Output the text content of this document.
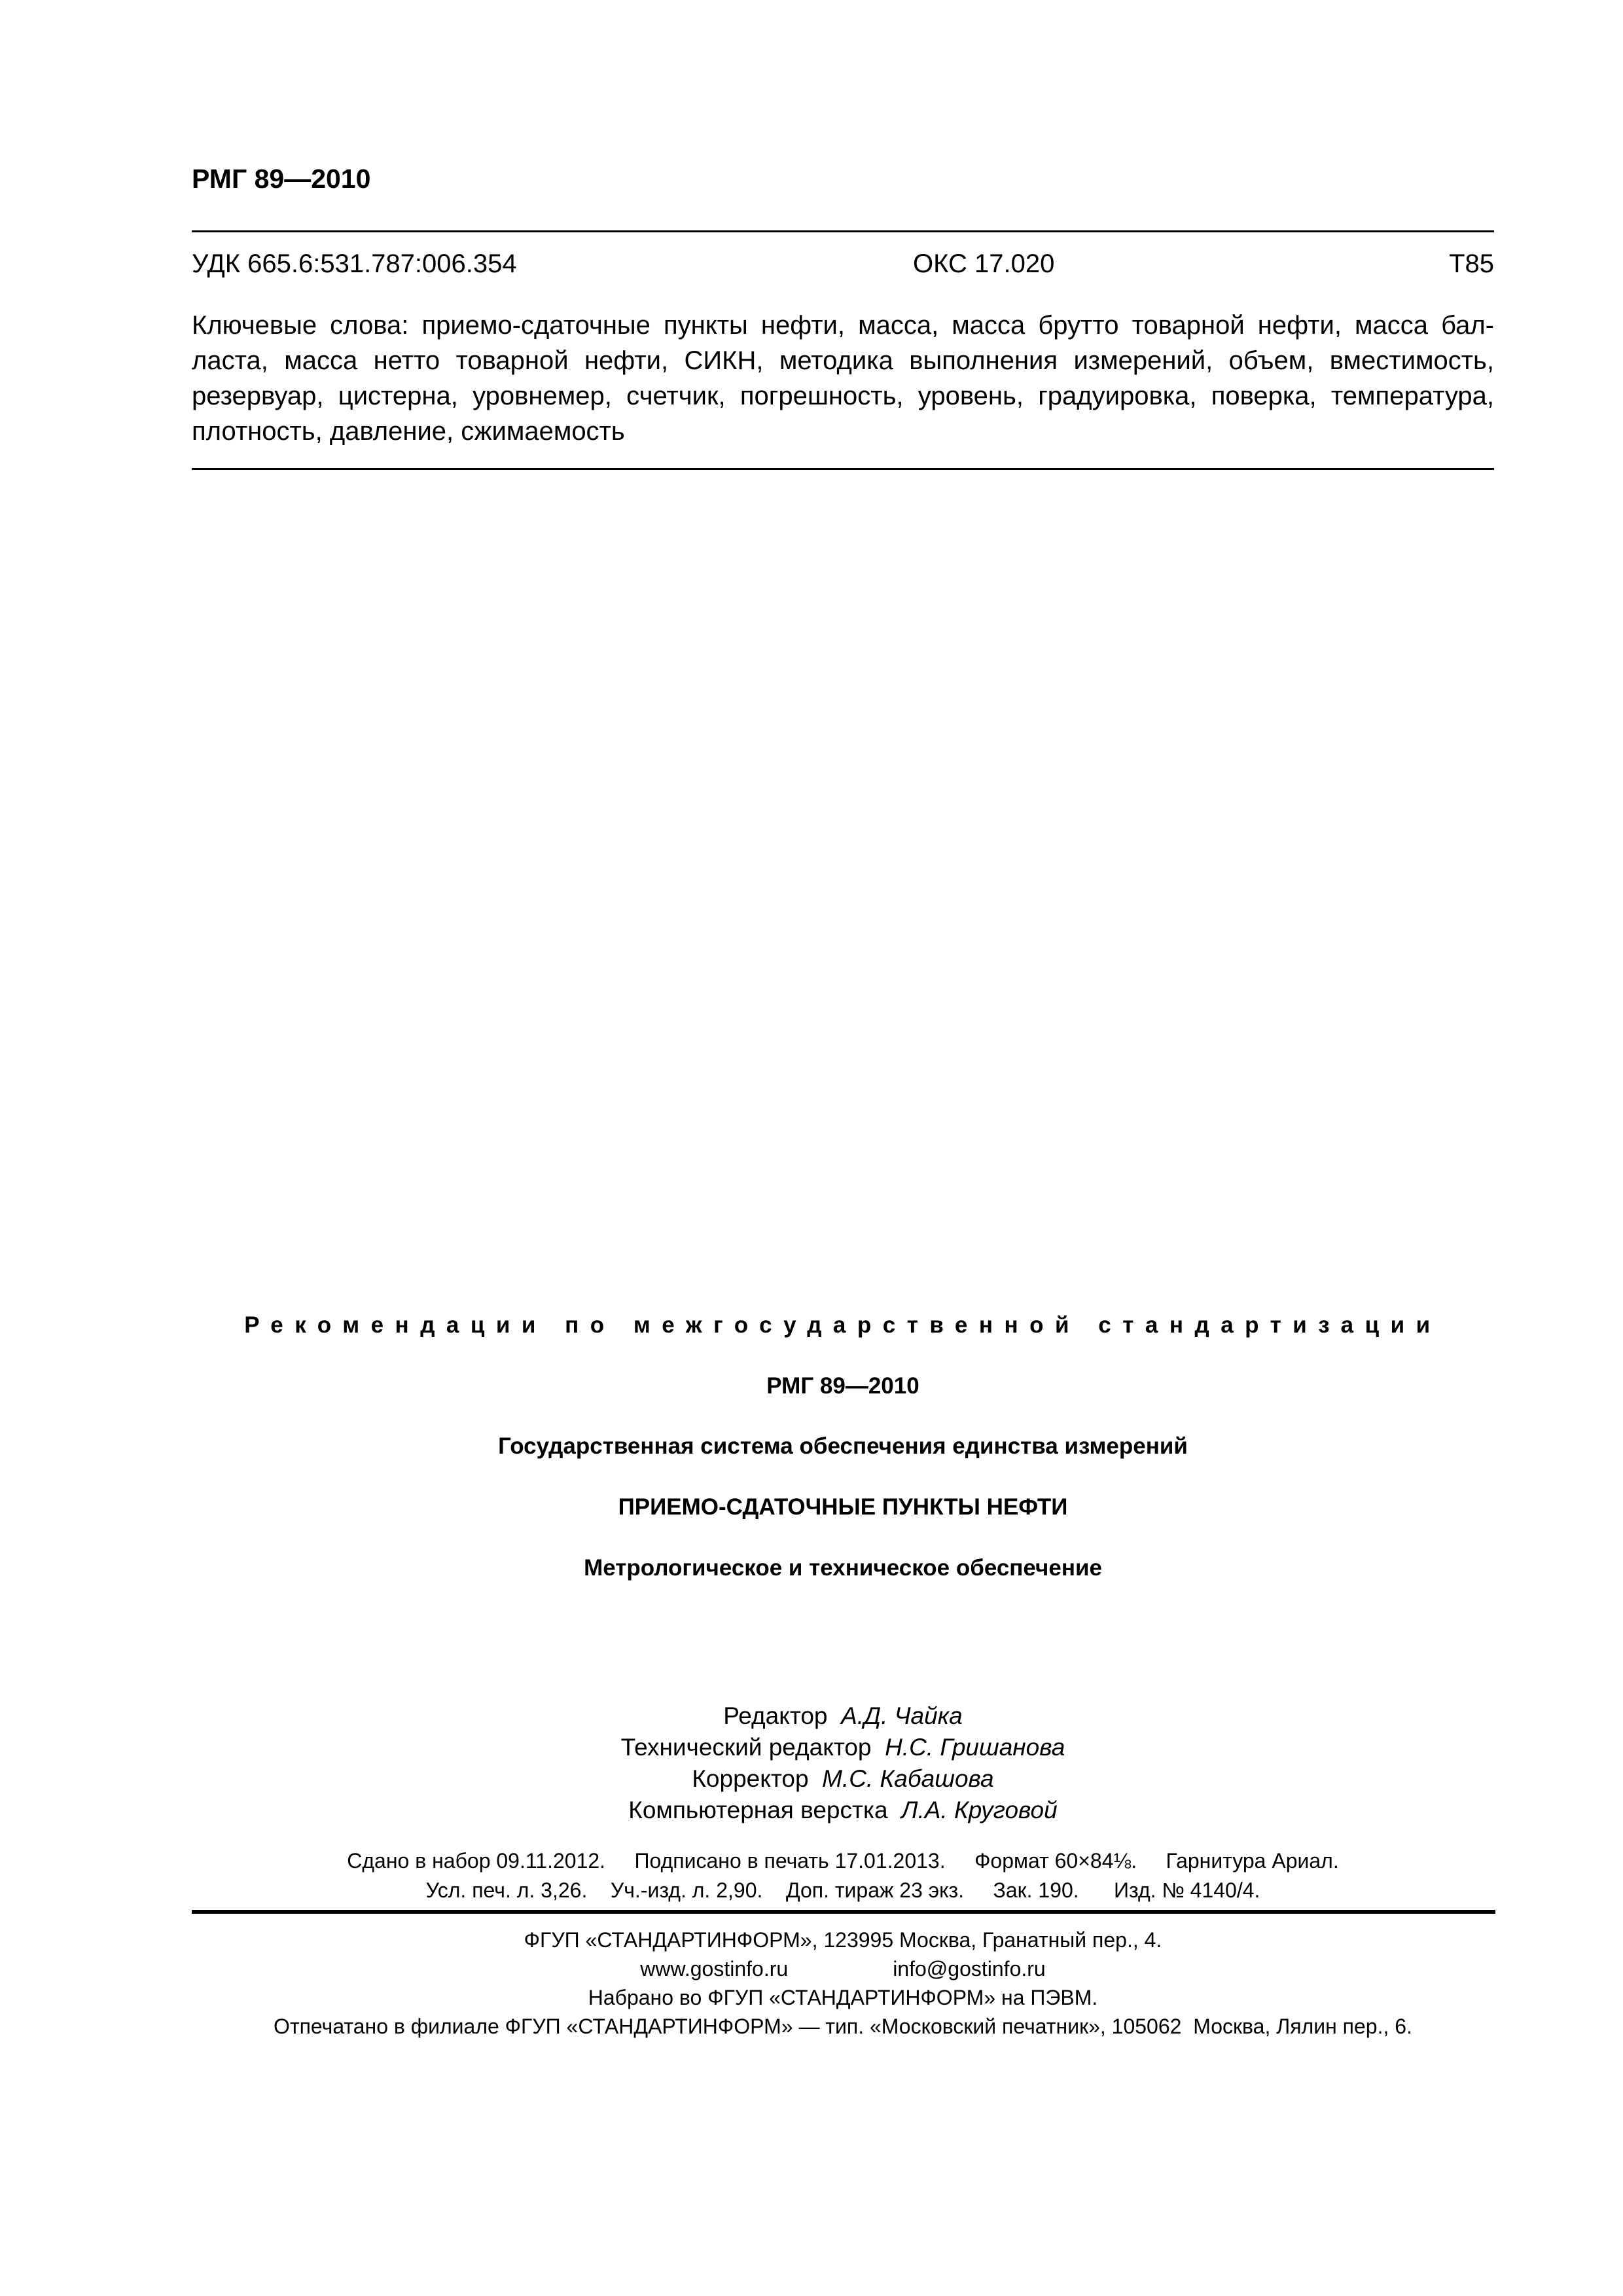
РМГ 89—2010
УДК 665.6:531.787:006.354	ОКС 17.020	Т85
Ключевые слова: приемо-сдаточные пункты нефти, масса, масса брутто товарной нефти, масса бал-ласта, масса нетто товарной нефти, СИКН, методика выполнения измерений, объем, вместимость, резервуар, цистерна, уровнемер, счетчик, погрешность, уровень, градуировка, поверка, температура, плотность, давление, сжимаемость
Рекомендации по межгосударственной стандартизации
РМГ 89—2010
Государственная система обеспечения единства измерений
ПРИЕМО-СДАТОЧНЫЕ ПУНКТЫ НЕФТИ
Метрологическое и техническое обеспечение
Редактор А.Д. Чайка
Технический редактор Н.С. Гришанова
Корректор М.С. Кабашова
Компьютерная верстка Л.А. Круговой
Сдано в набор 09.11.2012.     Подписано в печать 17.01.2013.     Формат 60×84⅛.     Гарнитура Ариал.
Усл. печ. л. 3,26.    Уч.-изд. л. 2,90.    Доп. тираж 23 экз.     Зак. 190.      Изд. № 4140/4.
ФГУП «СТАНДАРТИНФОРМ», 123995 Москва, Гранатный пер., 4.
www.gostinfo.ru                  info@gostinfo.ru
Набрано во ФГУП «СТАНДАРТИНФОРМ» на ПЭВМ.
Отпечатано в филиале ФГУП «СТАНДАРТИНФОРМ» — тип. «Московский печатник», 105062  Москва, Лялин пер., 6.
